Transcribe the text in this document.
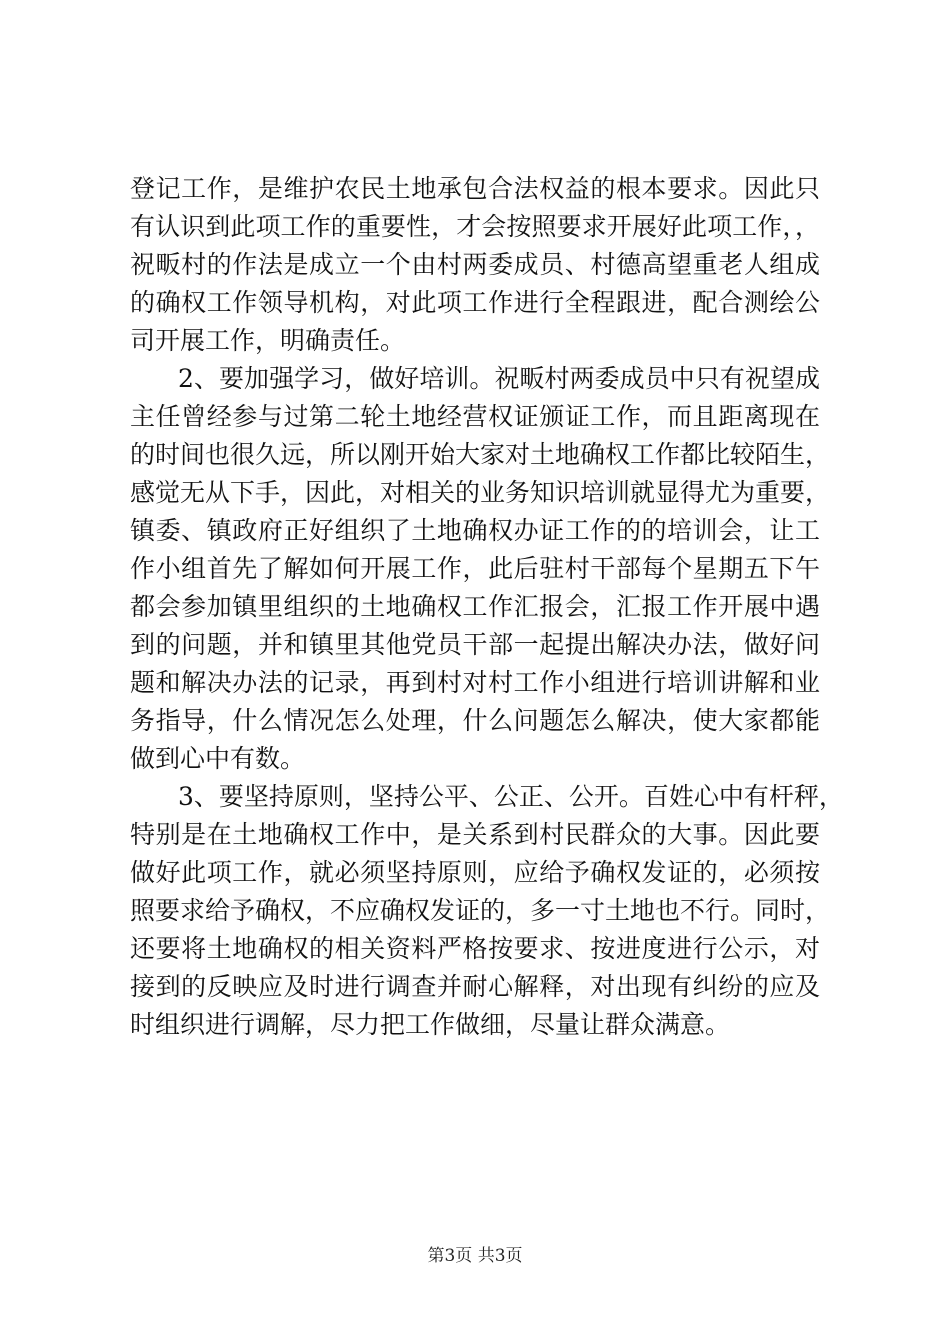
登记工作，是维护农民土地承包合法权益的根本要求。因此只
有认识到此项工作的重要性，才会按照要求开展好此项工作，，
祝畈村的作法是成立一个由村两委成员、村德高望重老人组成
的确权工作领导机构，对此项工作进行全程跟进，配合测绘公
司开展工作，明确责任。
2、要加强学习，做好培训。祝畈村两委成员中只有祝望成
主任曾经参与过第二轮土地经营权证颁证工作，而且距离现在
的时间也很久远，所以刚开始大家对土地确权工作都比较陌生，
感觉无从下手，因此，对相关的业务知识培训就显得尤为重要，
镇委、镇政府正好组织了土地确权办证工作的的培训会，让工
作小组首先了解如何开展工作，此后驻村干部每个星期五下午
都会参加镇里组织的土地确权工作汇报会，汇报工作开展中遇
到的问题，并和镇里其他党员干部一起提出解决办法，做好问
题和解决办法的记录，再到村对村工作小组进行培训讲解和业
务指导，什么情况怎么处理，什么问题怎么解决，使大家都能
做到心中有数。
3、要坚持原则，坚持公平、公正、公开。百姓心中有杆秤，
特别是在土地确权工作中，是关系到村民群众的大事。因此要
做好此项工作，就必须坚持原则，应给予确权发证的，必须按
照要求给予确权，不应确权发证的，多一寸土地也不行。同时，
还要将土地确权的相关资料严格按要求、按进度进行公示，对
接到的反映应及时进行调查并耐心解释，对出现有纠纷的应及
时组织进行调解，尽力把工作做细，尽量让群众满意。
第3页 共3页
